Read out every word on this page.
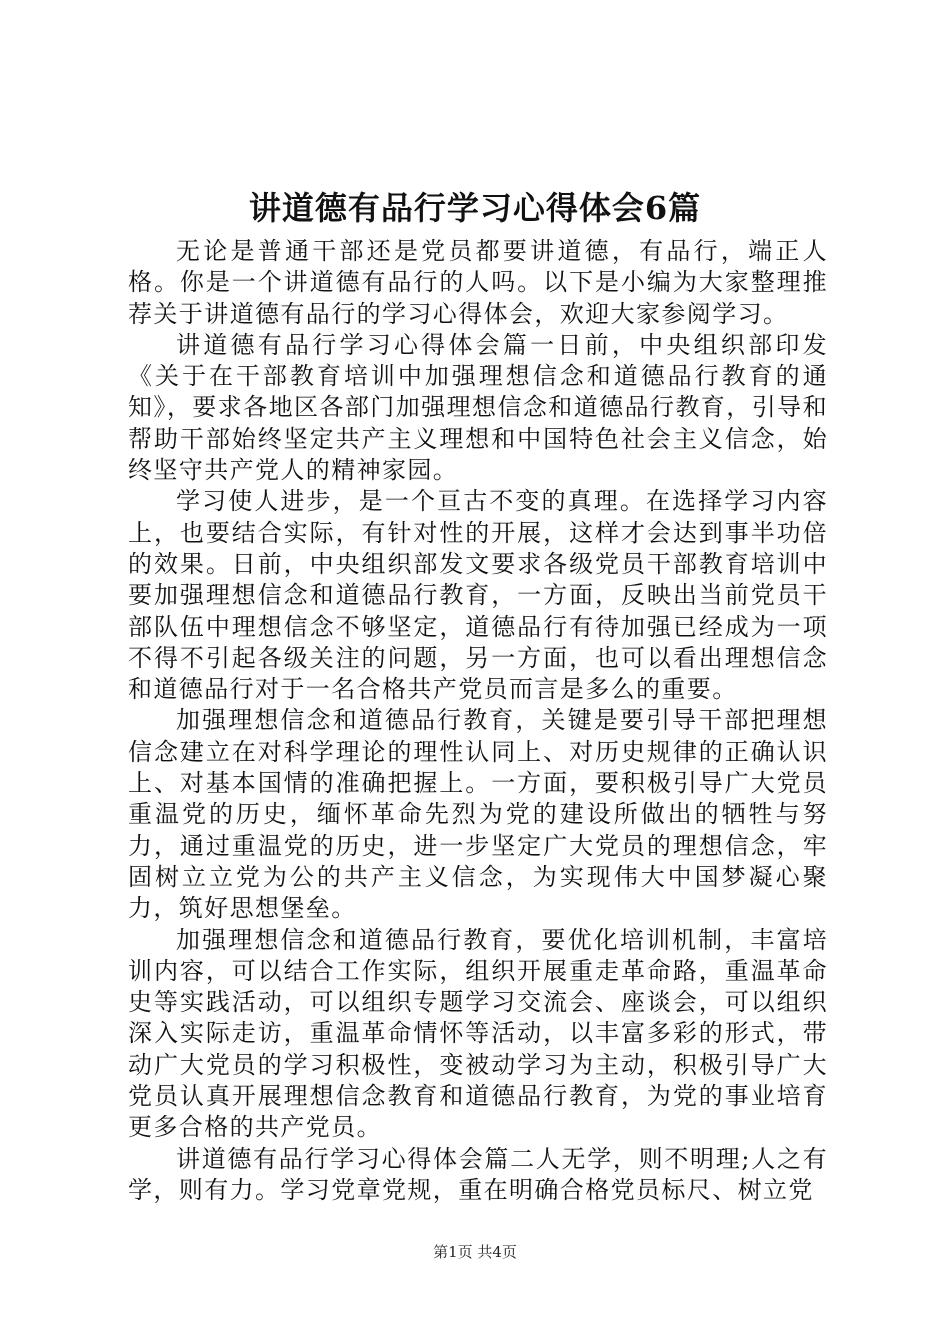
讲道德有品行学习心得体会6篇

无论是普通干部还是党员都要讲道德，有品行，端正人格。你是一个讲道德有品行的人吗。以下是小编为大家整理推荐关于讲道德有品行的学习心得体会，欢迎大家参阅学习。

讲道德有品行学习心得体会篇一日前，中央组织部印发《关于在干部教育培训中加强理想信念和道德品行教育的通知》，要求各地区各部门加强理想信念和道德品行教育，引导和帮助干部始终坚定共产主义理想和中国特色社会主义信念，始终坚守共产党人的精神家园。

学习使人进步，是一个亘古不变的真理。在选择学习内容上，也要结合实际，有针对性的开展，这样才会达到事半功倍的效果。日前，中央组织部发文要求各级党员干部教育培训中要加强理想信念和道德品行教育，一方面，反映出当前党员干部队伍中理想信念不够坚定，道德品行有待加强已经成为一项不得不引起各级关注的问题，另一方面，也可以看出理想信念和道德品行对于一名合格共产党员而言是多么的重要。

加强理想信念和道德品行教育，关键是要引导干部把理想信念建立在对科学理论的理性认同上、对历史规律的正确认识上、对基本国情的准确把握上。一方面，要积极引导广大党员重温党的历史，缅怀革命先烈为党的建设所做出的牺牲与努力，通过重温党的历史，进一步坚定广大党员的理想信念，牢固树立立党为公的共产主义信念，为实现伟大中国梦凝心聚力，筑好思想堡垒。

加强理想信念和道德品行教育，要优化培训机制，丰富培训内容，可以结合工作实际，组织开展重走革命路，重温革命史等实践活动，可以组织专题学习交流会、座谈会，可以组织深入实际走访，重温革命情怀等活动，以丰富多彩的形式，带动广大党员的学习积极性，变被动学习为主动，积极引导广大党员认真开展理想信念教育和道德品行教育，为党的事业培育更多合格的共产党员。

讲道德有品行学习心得体会篇二人无学，则不明理;人之有学，则有力。学习党章党规，重在明确合格党员标尺、树立党

第1页 共4页
